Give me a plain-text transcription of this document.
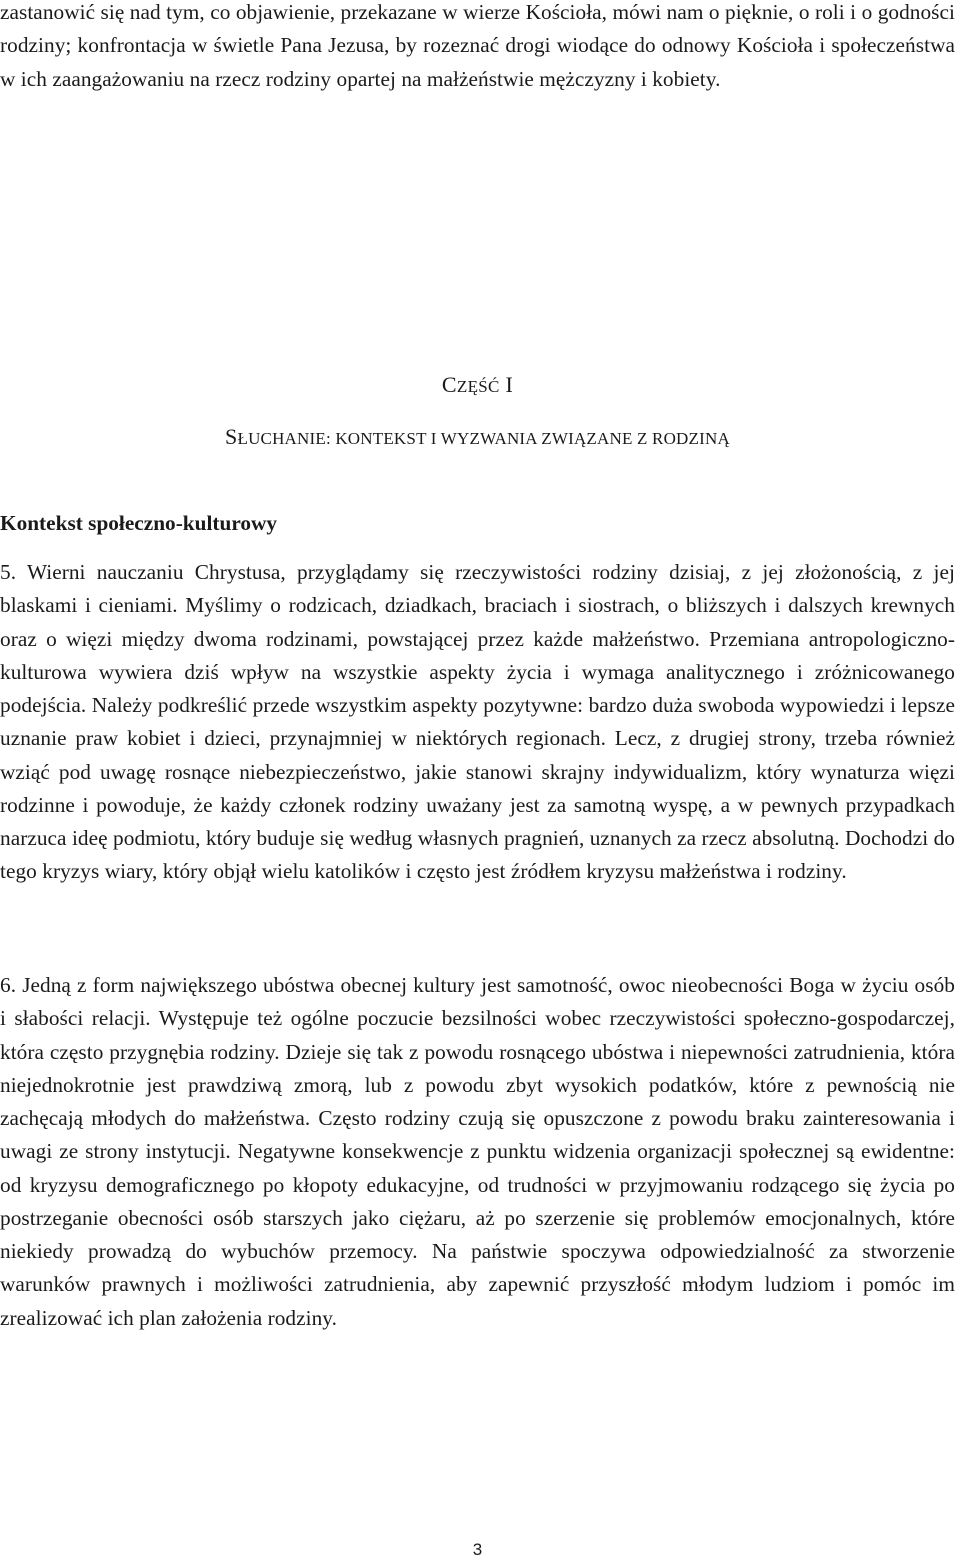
zastanowić się nad tym, co objawienie, przekazane w wierze Kościoła, mówi nam o pięknie, o roli i o godności rodziny; konfrontacja w świetle Pana Jezusa, by rozeznać drogi wiodące do odnowy Kościoła i społeczeństwa w ich zaangażowaniu na rzecz rodziny opartej na małżeństwie mężczyzny i kobiety.

CZĘŚĆ I

SŁUCHANIE: KONTEKST I WYZWANIA ZWIĄZANE Z RODZINĄ

Kontekst społeczno-kulturowy

5. Wierni nauczaniu Chrystusa, przyglądamy się rzeczywistości rodziny dzisiaj, z jej złożonością, z jej blaskami i cieniami. Myślimy o rodzicach, dziadkach, braciach i siostrach, o bliższych i dalszych krewnych oraz o więzi między dwoma rodzinami, powstającej przez każde małżeństwo. Przemiana antropologiczno-kulturowa wywiera dziś wpływ na wszystkie aspekty życia i wymaga analitycznego i zróżnicowanego podejścia. Należy podkreślić przede wszystkim aspekty pozytywne: bardzo duża swoboda wypowiedzi i lepsze uznanie praw kobiet i dzieci, przynajmniej w niektórych regionach. Lecz, z drugiej strony, trzeba również wziąć pod uwagę rosnące niebezpieczeństwo, jakie stanowi skrajny indywidualizm, który wynaturza więzi rodzinne i powoduje, że każdy członek rodziny uważany jest za samotną wyspę, a w pewnych przypadkach narzuca ideę podmiotu, który buduje się według własnych pragnień, uznanych za rzecz absolutną. Dochodzi do tego kryzys wiary, który objął wielu katolików i często jest źródłem kryzysu małżeństwa i rodziny.

6. Jedną z form największego ubóstwa obecnej kultury jest samotność, owoc nieobecności Boga w życiu osób i słabości relacji. Występuje też ogólne poczucie bezsilności wobec rzeczywistości społeczno-gospodarczej, która często przygnębia rodziny. Dzieje się tak z powodu rosnącego ubóstwa i niepewności zatrudnienia, która niejednokrotnie jest prawdziwą zmorą, lub z powodu zbyt wysokich podatków, które z pewnością nie zachęcają młodych do małżeństwa. Często rodziny czują się opuszczone z powodu braku zainteresowania i uwagi ze strony instytucji. Negatywne konsekwencje z punktu widzenia organizacji społecznej są ewidentne: od kryzysu demograficznego po kłopoty edukacyjne, od trudności w przyjmowaniu rodzącego się życia po postrzeganie obecności osób starszych jako ciężaru, aż po szerzenie się problemów emocjonalnych, które niekiedy prowadzą do wybuchów przemocy. Na państwie spoczywa odpowiedzialność za stworzenie warunków prawnych i możliwości zatrudnienia, aby zapewnić przyszłość młodym ludziom i pomóc im zrealizować ich plan założenia rodziny.

3
